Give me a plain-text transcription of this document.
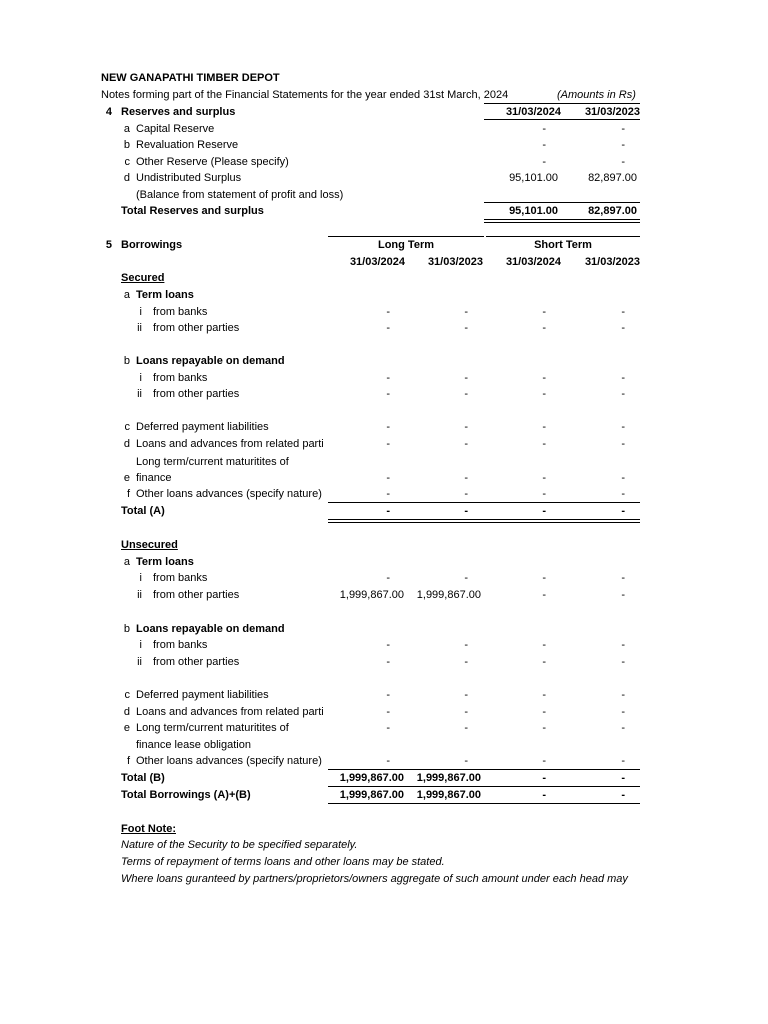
NEW GANAPATHI TIMBER DEPOT
Notes forming part of the Financial Statements for the year ended 31st March, 2024	(Amounts in Rs)
4 Reserves and surplus	31/03/2024	31/03/2023
a Capital Reserve	-	-
b Revaluation Reserve	-	-
c Other Reserve (Please specify)	-	-
d Undistributed Surplus	95,101.00	82,897.00
(Balance from statement of profit and loss)
Total Reserves and surplus	95,101.00	82,897.00
5 Borrowings	Long Term	Short Term
31/03/2024	31/03/2023	31/03/2024	31/03/2023
Secured
a Term loans
i from banks	-	-	-	-
ii from other parties	-	-	-	-
b Loans repayable on demand
i from banks	-	-	-	-
ii from other parties	-	-	-	-
c Deferred payment liabilities	-	-	-	-
d Loans and advances from related parti	-	-	-	-
Long term/current maturitites of
e finance	-	-	-	-
f Other loans advances (specify nature)	-	-	-	-
Total (A)	-	-	-	-
Unsecured
a Term loans
i from banks	-	-	-	-
ii from other parties	1,999,867.00	1,999,867.00	-	-
b Loans repayable on demand
i from banks	-	-	-	-
ii from other parties	-	-	-	-
c Deferred payment liabilities	-	-	-	-
d Loans and advances from related parti	-	-	-	-
e Long term/current maturitites of	-	-	-	-
finance lease obligation
f Other loans advances (specify nature)	-	-	-	-
Total (B)	1,999,867.00	1,999,867.00	-	-
Total Borrowings (A)+(B)	1,999,867.00	1,999,867.00	-	-
Foot Note:
Nature of the Security to be specified separately.
Terms of repayment of terms loans and other loans may be stated.
Where loans guranteed by partners/proprietors/owners aggregate of such amount under each head may
